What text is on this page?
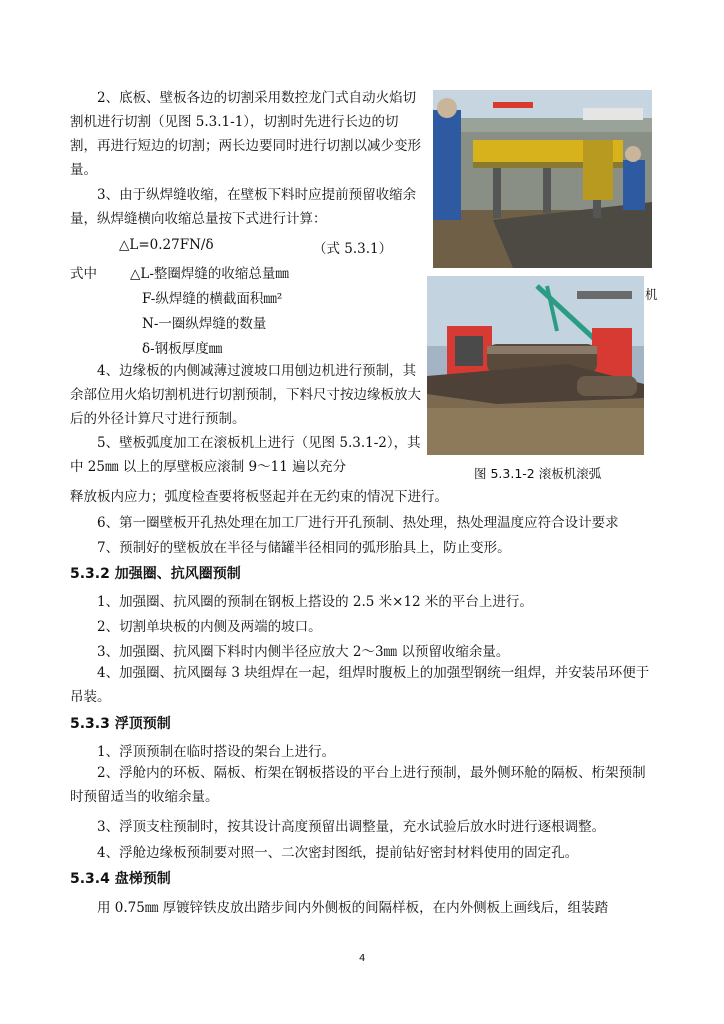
2、底板、壁板各边的切割采用数控龙门式自动火焰切割机进行切割（见图 5.3.1-1），切割时先进行长边的切割，再进行短边的切割；两长边要同时进行切割以减少变形量。
3、由于纵焊缝收缩，在壁板下料时应提前预留收缩余量，纵焊缝横向收缩总量按下式进行计算：
△L=0.27FN/δ	（式 5.3.1）
式中 △L-整圈焊缝的收缩总量㎜
F-纵焊缝的横截面积㎜²
N-一圈纵焊缝的数量
δ-钢板厚度㎜
机
4、边缘板的内侧减薄过渡坡口用刨边机进行预制，其余部位用火焰切割机进行切割预制，下料尺寸按边缘板放大后的外径计算尺寸进行预制。
5、壁板弧度加工在滚板机上进行（见图 5.3.1-2），其中 25㎜ 以上的厚壁板应滚制 9～11 遍以充分	图 5.3.1-2 滚板机滚弧
释放板内应力；弧度检查要将板竖起并在无约束的情况下进行。
6、第一圈壁板开孔热处理在加工厂进行开孔预制、热处理，热处理温度应符合设计要求
7、预制好的壁板放在半径与储罐半径相同的弧形胎具上，防止变形。
5.3.2 加强圈、抗风圈预制
1、加强圈、抗风圈的预制在钢板上搭设的 2.5 米×12 米的平台上进行。
2、切割单块板的内侧及两端的坡口。
3、加强圈、抗风圈下料时内侧半径应放大 2～3㎜ 以预留收缩余量。
4、加强圈、抗风圈每 3 块组焊在一起，组焊时腹板上的加强型钢统一组焊，并安装吊环便于吊装。
5.3.3 浮顶预制
1、浮顶预制在临时搭设的架台上进行。
2、浮舱内的环板、隔板、桁架在钢板搭设的平台上进行预制，最外侧环舱的隔板、桁架预制时预留适当的收缩余量。
3、浮顶支柱预制时，按其设计高度预留出调整量，充水试验后放水时进行逐根调整。
4、浮舱边缘板预制要对照一、二次密封图纸，提前钻好密封材料使用的固定孔。
5.3.4 盘梯预制
用 0.75㎜ 厚镀锌铁皮放出踏步间内外侧板的间隔样板，在内外侧板上画线后，组装踏
4
